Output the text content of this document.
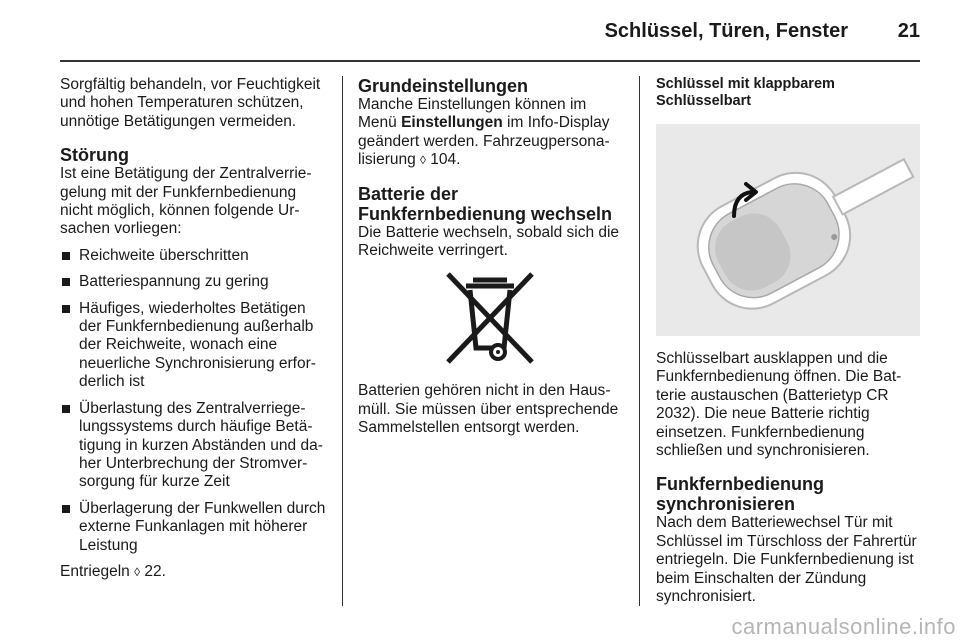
Schlüssel, Türen, Fenster 21

Sorgfältig behandeln, vor Feuchtigkeit und hohen Temperaturen schützen, unnötige Betätigungen vermeiden.

Störung

Ist eine Betätigung der Zentralverriegelung mit der Funkfernbedienung nicht möglich, können folgende Ursachen vorliegen:

Reichweite überschritten
Batteriespannung zu gering
Häufiges, wiederholtes Betätigen der Funkfernbedienung außerhalb der Reichweite, wonach eine neuerliche Synchronisierung erforderlich ist
Überlastung des Zentralverriegelungssystems durch häufige Betätigung in kurzen Abständen und daher Unterbrechung der Stromversorgung für kurze Zeit
Überlagerung der Funkwellen durch externe Funkanlagen mit höherer Leistung

Entriegeln ◊ 22.

Grundeinstellungen

Manche Einstellungen können im Menü Einstellungen im Info-Display geändert werden. Fahrzeugpersonalisierung ◊ 104.

Batterie der Funkfernbedienung wechseln

Die Batterie wechseln, sobald sich die Reichweite verringert.

Batterien gehören nicht in den Hausmüll. Sie müssen über entsprechende Sammelstellen entsorgt werden.

Schlüssel mit klappbarem Schlüsselbart

Schlüsselbart ausklappen und die Funkfernbedienung öffnen. Die Batterie austauschen (Batterietyp CR 2032). Die neue Batterie richtig einsetzen. Funkfernbedienung schließen und synchronisieren.

Funkfernbedienung synchronisieren

Nach dem Batteriewechsel Tür mit Schlüssel im Türschloss der Fahrertür entriegeln. Die Funkfernbedienung ist beim Einschalten der Zündung synchronisiert.

carmanualsonline.info
